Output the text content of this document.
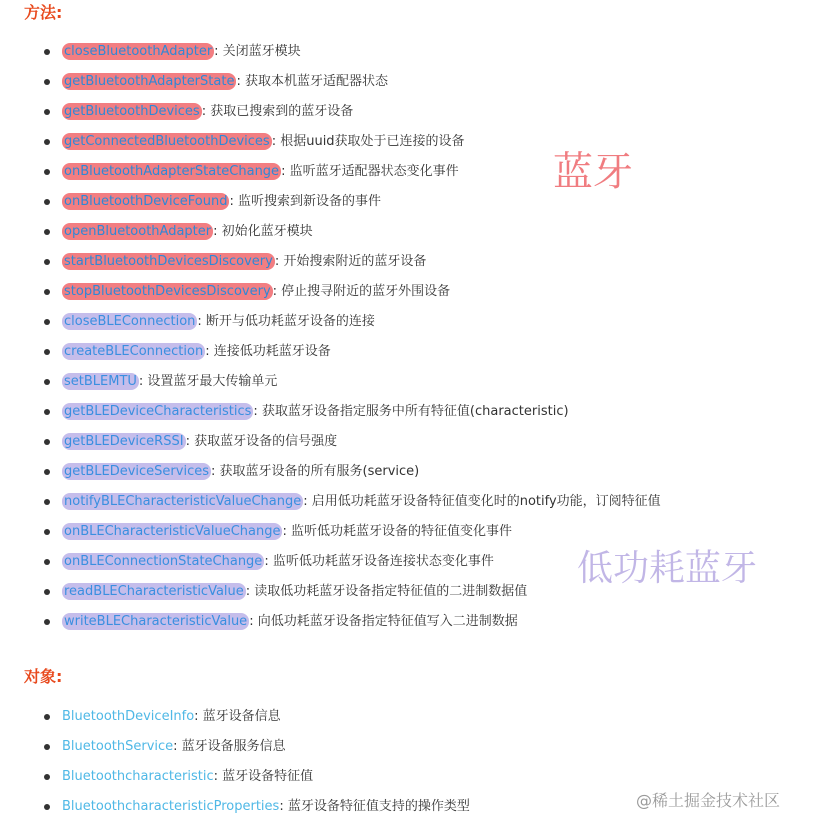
方法:
closeBluetoothAdapter : 关闭蓝牙模块
getBluetoothAdapterState : 获取本机蓝牙适配器状态
getBluetoothDevices : 获取已搜索到的蓝牙设备
getConnectedBluetoothDevices : 根据uuid获取处于已连接的设备
onBluetoothAdapterStateChange : 监听蓝牙适配器状态变化事件
onBluetoothDeviceFound : 监听搜索到新设备的事件
openBluetoothAdapter : 初始化蓝牙模块
startBluetoothDevicesDiscovery : 开始搜索附近的蓝牙设备
stopBluetoothDevicesDiscovery : 停止搜寻附近的蓝牙外围设备
closeBLEConnection : 断开与低功耗蓝牙设备的连接
createBLEConnection : 连接低功耗蓝牙设备
setBLEMTU : 设置蓝牙最大传输单元
getBLEDeviceCharacteristics : 获取蓝牙设备指定服务中所有特征值(characteristic)
getBLEDeviceRSSI : 获取蓝牙设备的信号强度
getBLEDeviceServices : 获取蓝牙设备的所有服务(service)
notifyBLECharacteristicValueChange : 启用低功耗蓝牙设备特征值变化时的notify功能，订阅特征值
onBLECharacteristicValueChange : 监听低功耗蓝牙设备的特征值变化事件
onBLEConnectionStateChange : 监听低功耗蓝牙设备连接状态变化事件
readBLECharacteristicValue : 读取低功耗蓝牙设备指定特征值的二进制数据值
writeBLECharacteristicValue : 向低功耗蓝牙设备指定特征值写入二进制数据
对象:
BluetoothDeviceInfo: 蓝牙设备信息
BluetoothService: 蓝牙设备服务信息
Bluetoothcharacteristic: 蓝牙设备特征值
BluetoothcharacteristicProperties: 蓝牙设备特征值支持的操作类型
蓝牙
低功耗蓝牙
@稀土掘金技术社区
